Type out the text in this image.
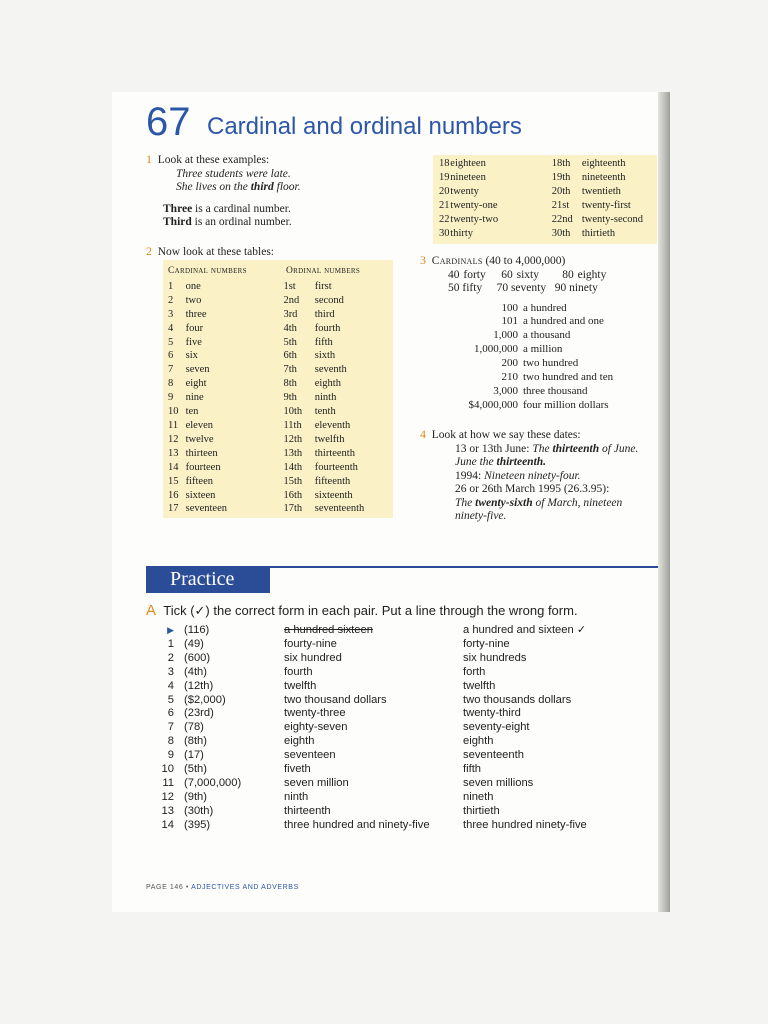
67 Cardinal and ordinal numbers
1 Look at these examples:
Three students were late.
She lives on the third floor.
Three is a cardinal number.
Third is an ordinal number.
2 Now look at these tables:
Cardinal numbers	Ordinal numbers
1	one	1st	first
2	two	2nd	second
3	three	3rd	third
4	four	4th	fourth
5	five	5th	fifth
6	six	6th	sixth
7	seven	7th	seventh
8	eight	8th	eighth
9	nine	9th	ninth
10 ten	10th	tenth
11 eleven	11th	eleventh
12 twelve	12th	twelfth
13 thirteen	13th	thirteenth
14 fourteen	14th	fourteenth
15 fifteen	15th	fifteenth
16 sixteen	16th	sixteenth
17 seventeen	17th	seventeenth
18 eighteen	18th	eighteenth
19 nineteen	19th	nineteenth
20 twenty	20th	twentieth
21 twenty-one	21st	twenty-first
22 twenty-two	22nd twenty-second
30 thirty	30th	thirtieth
3 Cardinals (40 to 4,000,000)
40 forty 60 sixty 80 eighty
50 fifty 70 seventy 90 ninety
100 a hundred
101 a hundred and one
1,000 a thousand
1,000,000 a million
200 two hundred
210 two hundred and ten
3,000 three thousand
$4,000,000 four million dollars
4 Look at how we say these dates:
13 or 13th June: The thirteenth of June.
June the thirteenth.
1994: Nineteen ninety-four.
26 or 26th March 1995 (26.3.95):
The twenty-sixth of March, nineteen
ninety-five.
Practice
A Tick (✓) the correct form in each pair. Put a line through the wrong form.
▶ (116)	a hundred sixteen	a hundred and sixteen ✓
1 (49)	fourty-nine	forty-nine
2 (600)	six hundred	six hundreds
3 (4th)	fourth	forth
4 (12th)	twelfth	twelfth
5 ($2,000)	two thousand dollars	two thousands dollars
6 (23rd)	twenty-three	twenty-third
7 (78)	eighty-seven	seventy-eight
8 (8th)	eighth	eighth
9 (17)	seventeen	seventeenth
10 (5th)	fiveth	fifth
11 (7,000,000)	seven million	seven millions
12 (9th)	ninth	nineth
13 (30th)	thirteenth	thirtieth
14 (395)	three hundred and ninety-five	three hundred ninety-five
PAGE 146 • ADJECTIVES AND ADVERBS
